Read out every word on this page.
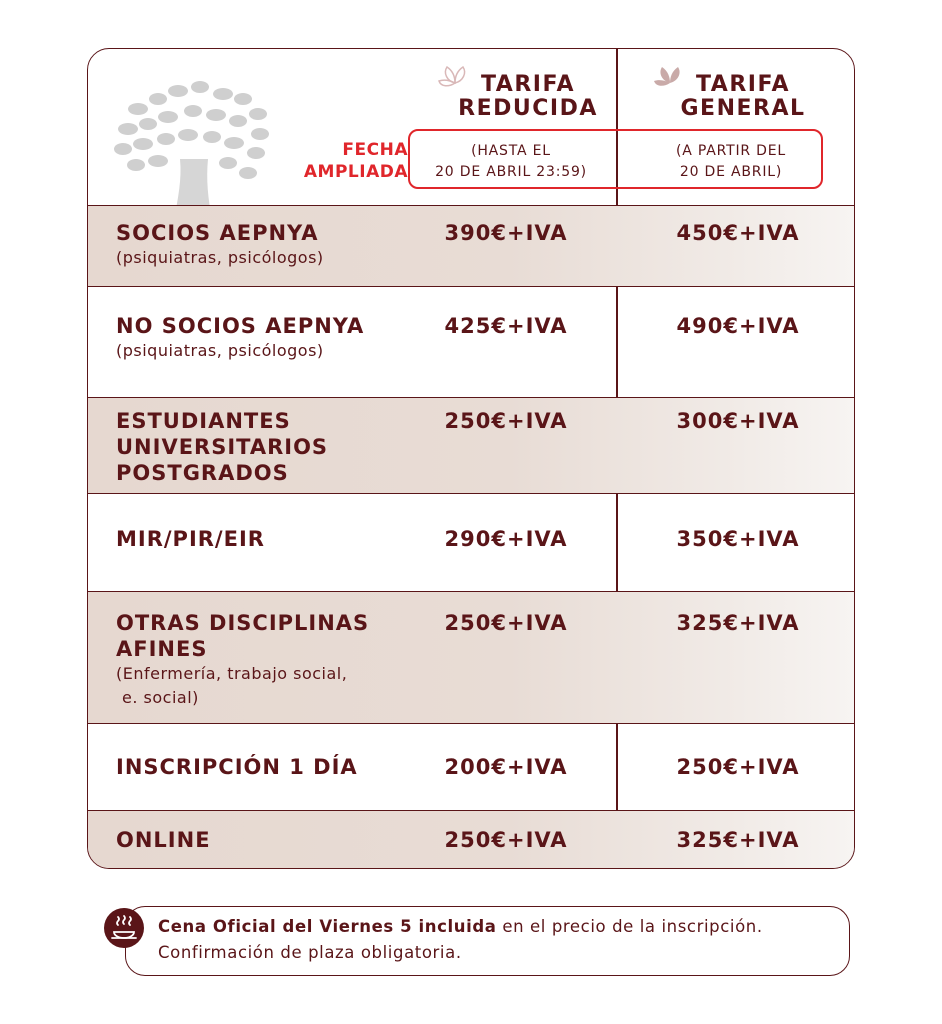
FECHA
AMPLIADA
TARIFA
REDUCIDA
TARIFA
GENERAL
(HASTA EL
20 DE ABRIL 23:59)
(A PARTIR DEL
20 DE ABRIL)
SOCIOS AEPNYA
(psiquiatras, psicólogos)
390€+IVA	450€+IVA
NO SOCIOS AEPNYA
(psiquiatras, psicólogos)
425€+IVA	490€+IVA
ESTUDIANTES
UNIVERSITARIOS
POSTGRADOS
250€+IVA	300€+IVA
MIR/PIR/EIR	290€+IVA	350€+IVA
OTRAS DISCIPLINAS
AFINES
(Enfermería, trabajo social,
e. social)
250€+IVA	325€+IVA
INSCRIPCIÓN 1 DÍA	200€+IVA	250€+IVA
ONLINE	250€+IVA	325€+IVA
Cena Oficial del Viernes 5 incluida en el precio de la inscripción.
Confirmación de plaza obligatoria.
